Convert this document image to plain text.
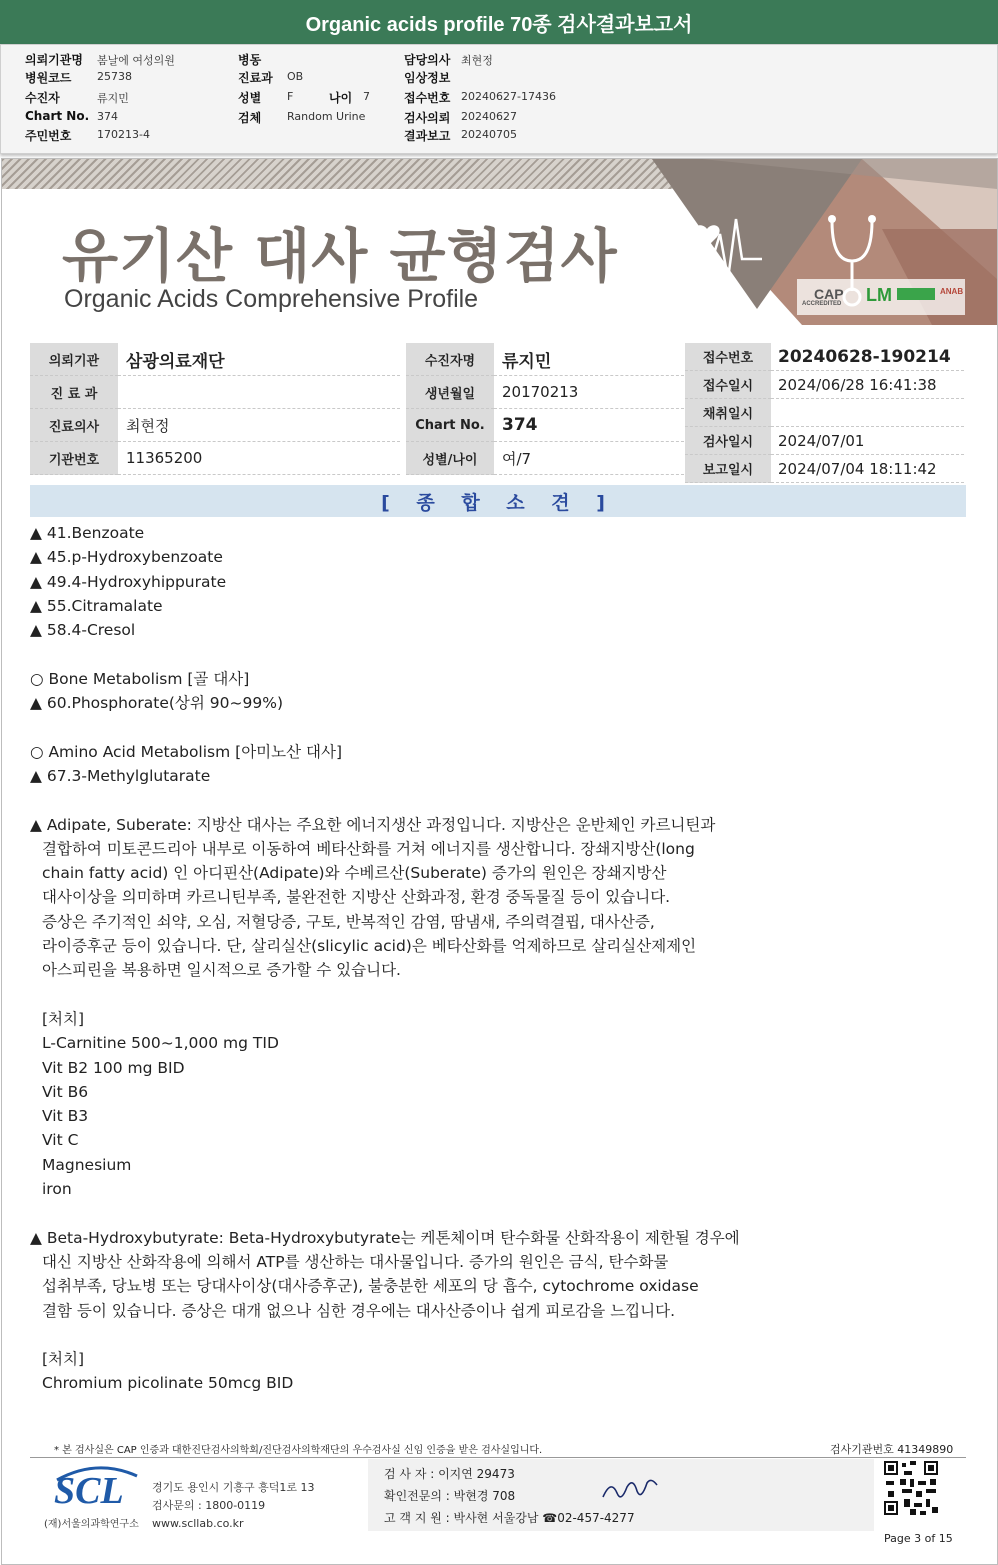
Organic acids profile 70종 검사결과보고서
의뢰기관명 봄날에 여성의원
병원코드 25738
수진자	류지민
Chart No. 374
주민번호 170213-4
병동
진료과 OB
성별 F
검체 Random Urine
담당의사 최현정
임상정보
접수번호 20240627-17436
검사의뢰 20240627
결과보고 20240705
나이 7
유기산 대사 균형검사
Organic Acids Comprehensive Profile	CAP
ACCREDITED LM	ANAB
의뢰기관	삼광의료재단		수진자명	류지민
진 료 과			생년월일	20170213
진료의사	최현정		Chart No.	374
기관번호	11365200		성별/나이	여/7
접수번호	20240628-190214
접수일시	2024/06/28 16:41:38
채취일시	
검사일시	2024/07/01
보고일시	2024/07/04 18:11:42
[ 종 합 소 견 ]
▲ 41.Benzoate
▲ 45.p-Hydroxybenzoate
▲ 49.4-Hydroxyhippurate
▲ 55.Citramalate
▲ 58.4-Cresol
○ Bone Metabolism [골 대사]
▲ 60.Phosphorate(상위 90~99%)
○ Amino Acid Metabolism [아미노산 대사]
▲ 67.3-Methylglutarate
▲ Adipate, Suberate: 지방산 대사는 주요한 에너지생산 과정입니다. 지방산은 운반체인 카르니틴과
결합하여 미토콘드리아 내부로 이동하여 베타산화를 거쳐 에너지를 생산합니다. 장쇄지방산(long
chain fatty acid) 인 아디핀산(Adipate)와 수베르산(Suberate) 증가의 원인은 장쇄지방산
대사이상을 의미하며 카르니틴부족, 불완전한 지방산 산화과정, 환경 중독물질 등이 있습니다.
증상은 주기적인 쇠약, 오심, 저혈당증, 구토, 반복적인 감염, 땀냄새, 주의력결핍, 대사산증,
라이증후군 등이 있습니다. 단, 살리실산(slicylic acid)은 베타산화를 억제하므로 살리실산제제인
아스피린을 복용하면 일시적으로 증가할 수 있습니다.
[처치]
L-Carnitine 500~1,000 mg TID
Vit B2 100 mg BID
Vit B6
Vit B3
Vit C
Magnesium
iron
▲ Beta-Hydroxybutyrate: Beta-Hydroxybutyrate는 케톤체이며 탄수화물 산화작용이 제한될 경우에
대신 지방산 산화작용에 의해서 ATP를 생산하는 대사물입니다. 증가의 원인은 금식, 탄수화물
섭취부족, 당뇨병 또는 당대사이상(대사증후군), 불충분한 세포의 당 흡수, cytochrome oxidase
결함 등이 있습니다. 증상은 대개 없으나 심한 경우에는 대사산증이나 쉽게 피로감을 느낍니다.
[처치]
Chromium picolinate 50mcg BID
* 본 검사실은 CAP 인증과 대한진단검사의학회/진단검사의학재단의 우수검사실 신임 인증을 받은 검사실입니다.	검사기관번호 41349890
SCL
(재)서울의과학연구소
경기도 용인시 기흥구 흥덕1로 13
검사문의 : 1800-0119
www.scllab.co.kr
검 사 자 : 이지연 29473
확인전문의 : 박현경 708
고 객 지 원 : 박사현 서울강남 ☎02-457-4277
Page 3 of 15
